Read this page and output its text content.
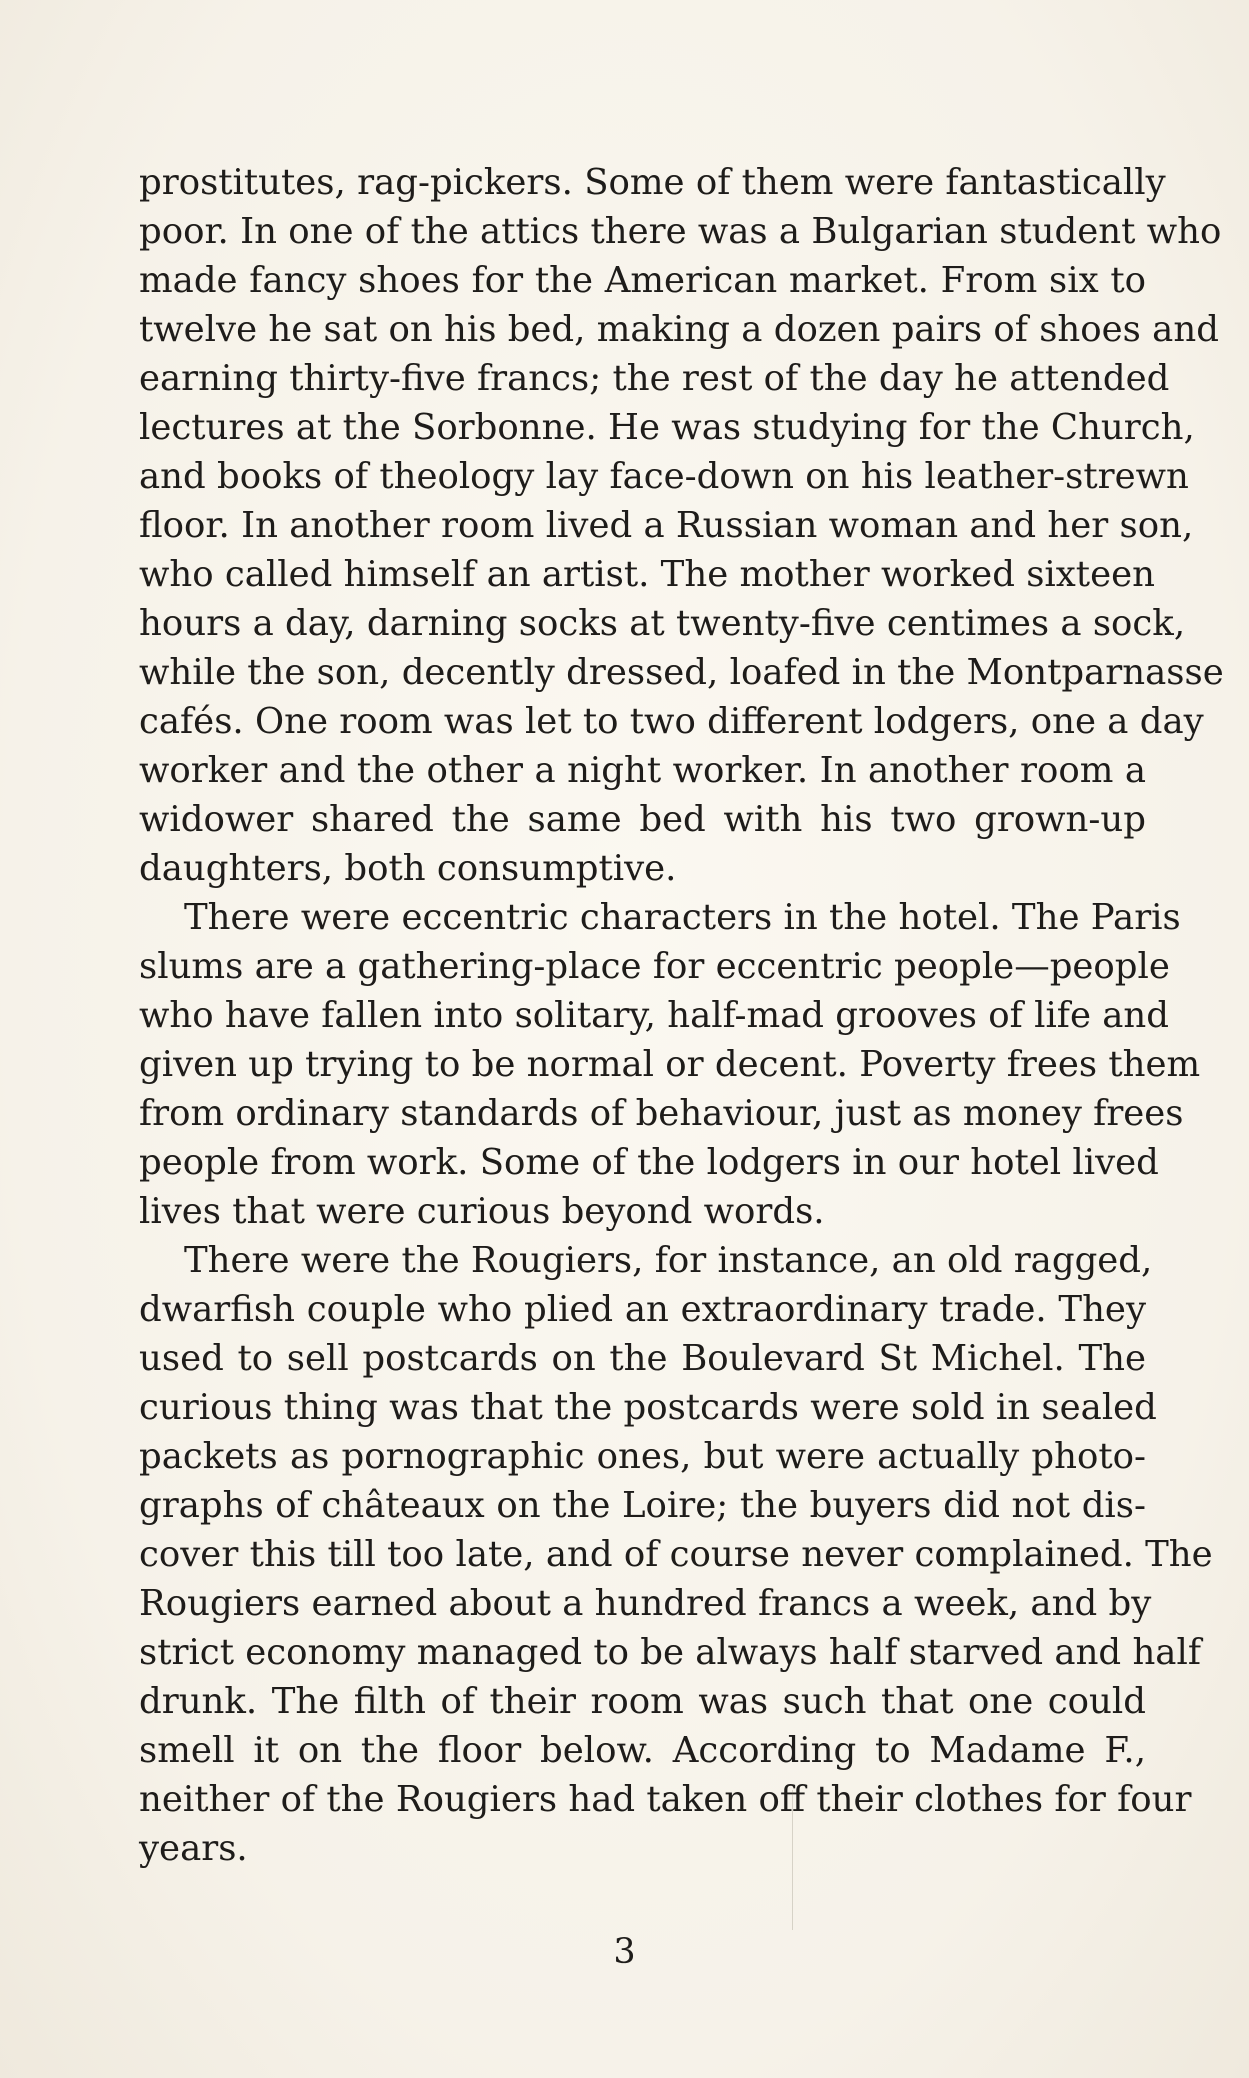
prostitutes, rag-pickers. Some of them were fantastically
poor. In one of the attics there was a Bulgarian student who
made fancy shoes for the American market. From six to
twelve he sat on his bed, making a dozen pairs of shoes and
earning thirty-five francs; the rest of the day he attended
lectures at the Sorbonne. He was studying for the Church,
and books of theology lay face-down on his leather-strewn
floor. In another room lived a Russian woman and her son,
who called himself an artist. The mother worked sixteen
hours a day, darning socks at twenty-five centimes a sock,
while the son, decently dressed, loafed in the Montparnasse
cafés. One room was let to two different lodgers, one a day
worker and the other a night worker. In another room a
widower shared the same bed with his two grown-up
daughters, both consumptive.
There were eccentric characters in the hotel. The Paris
slums are a gathering-place for eccentric people—people
who have fallen into solitary, half-mad grooves of life and
given up trying to be normal or decent. Poverty frees them
from ordinary standards of behaviour, just as money frees
people from work. Some of the lodgers in our hotel lived
lives that were curious beyond words.
There were the Rougiers, for instance, an old ragged,
dwarfish couple who plied an extraordinary trade. They
used to sell postcards on the Boulevard St Michel. The
curious thing was that the postcards were sold in sealed
packets as pornographic ones, but were actually photo-
graphs of châteaux on the Loire; the buyers did not dis-
cover this till too late, and of course never complained. The
Rougiers earned about a hundred francs a week, and by
strict economy managed to be always half starved and half
drunk. The filth of their room was such that one could
smell it on the floor below. According to Madame F.,
neither of the Rougiers had taken off their clothes for four
years.
3
